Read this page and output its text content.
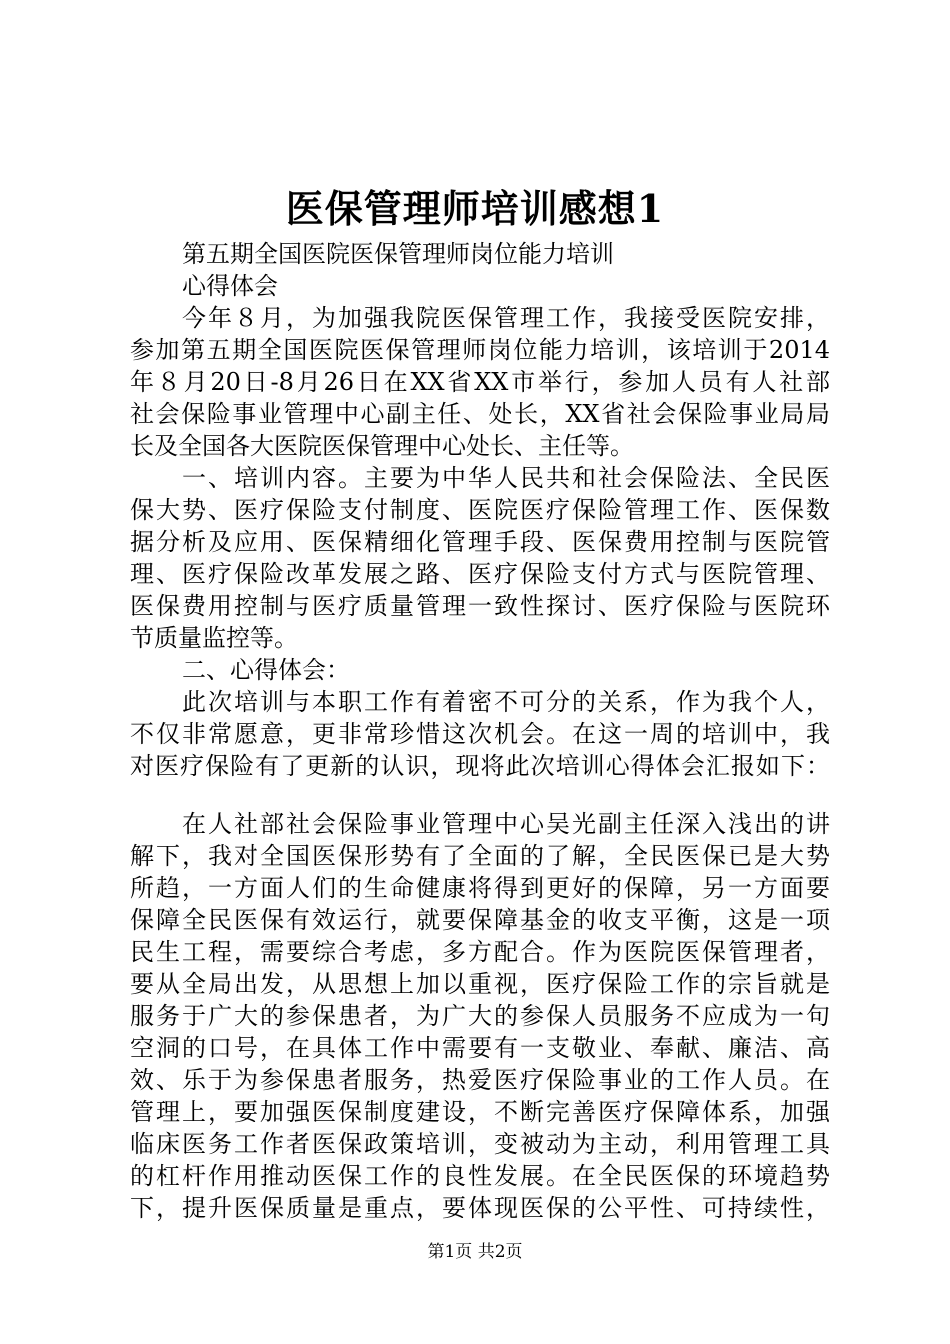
医保管理师培训感想1
第五期全国医院医保管理师岗位能力培训
心得体会
今年８月，为加强我院医保管理工作，我接受医院安排，
参加第五期全国医院医保管理师岗位能力培训，该培训于2014
年８月20日-8月26日在XX省XX市举行，参加人员有人社部
社会保险事业管理中心副主任、处长，XX省社会保险事业局局
长及全国各大医院医保管理中心处长、主任等。
一、培训内容。主要为中华人民共和社会保险法、全民医
保大势、医疗保险支付制度、医院医疗保险管理工作、医保数
据分析及应用、医保精细化管理手段、医保费用控制与医院管
理、医疗保险改革发展之路、医疗保险支付方式与医院管理、
医保费用控制与医疗质量管理一致性探讨、医疗保险与医院环
节质量监控等。
二、心得体会：
此次培训与本职工作有着密不可分的关系，作为我个人，
不仅非常愿意，更非常珍惜这次机会。在这一周的培训中，我
对医疗保险有了更新的认识，现将此次培训心得体会汇报如下：
在人社部社会保险事业管理中心吴光副主任深入浅出的讲
解下，我对全国医保形势有了全面的了解，全民医保已是大势
所趋，一方面人们的生命健康将得到更好的保障，另一方面要
保障全民医保有效运行，就要保障基金的收支平衡，这是一项
民生工程，需要综合考虑，多方配合。作为医院医保管理者，
要从全局出发，从思想上加以重视，医疗保险工作的宗旨就是
服务于广大的参保患者，为广大的参保人员服务不应成为一句
空洞的口号，在具体工作中需要有一支敬业、奉献、廉洁、高
效、乐于为参保患者服务，热爱医疗保险事业的工作人员。在
管理上，要加强医保制度建设，不断完善医疗保障体系，加强
临床医务工作者医保政策培训，变被动为主动，利用管理工具
的杠杆作用推动医保工作的良性发展。在全民医保的环境趋势
下，提升医保质量是重点，要体现医保的公平性、可持续性，
第1页 共2页
